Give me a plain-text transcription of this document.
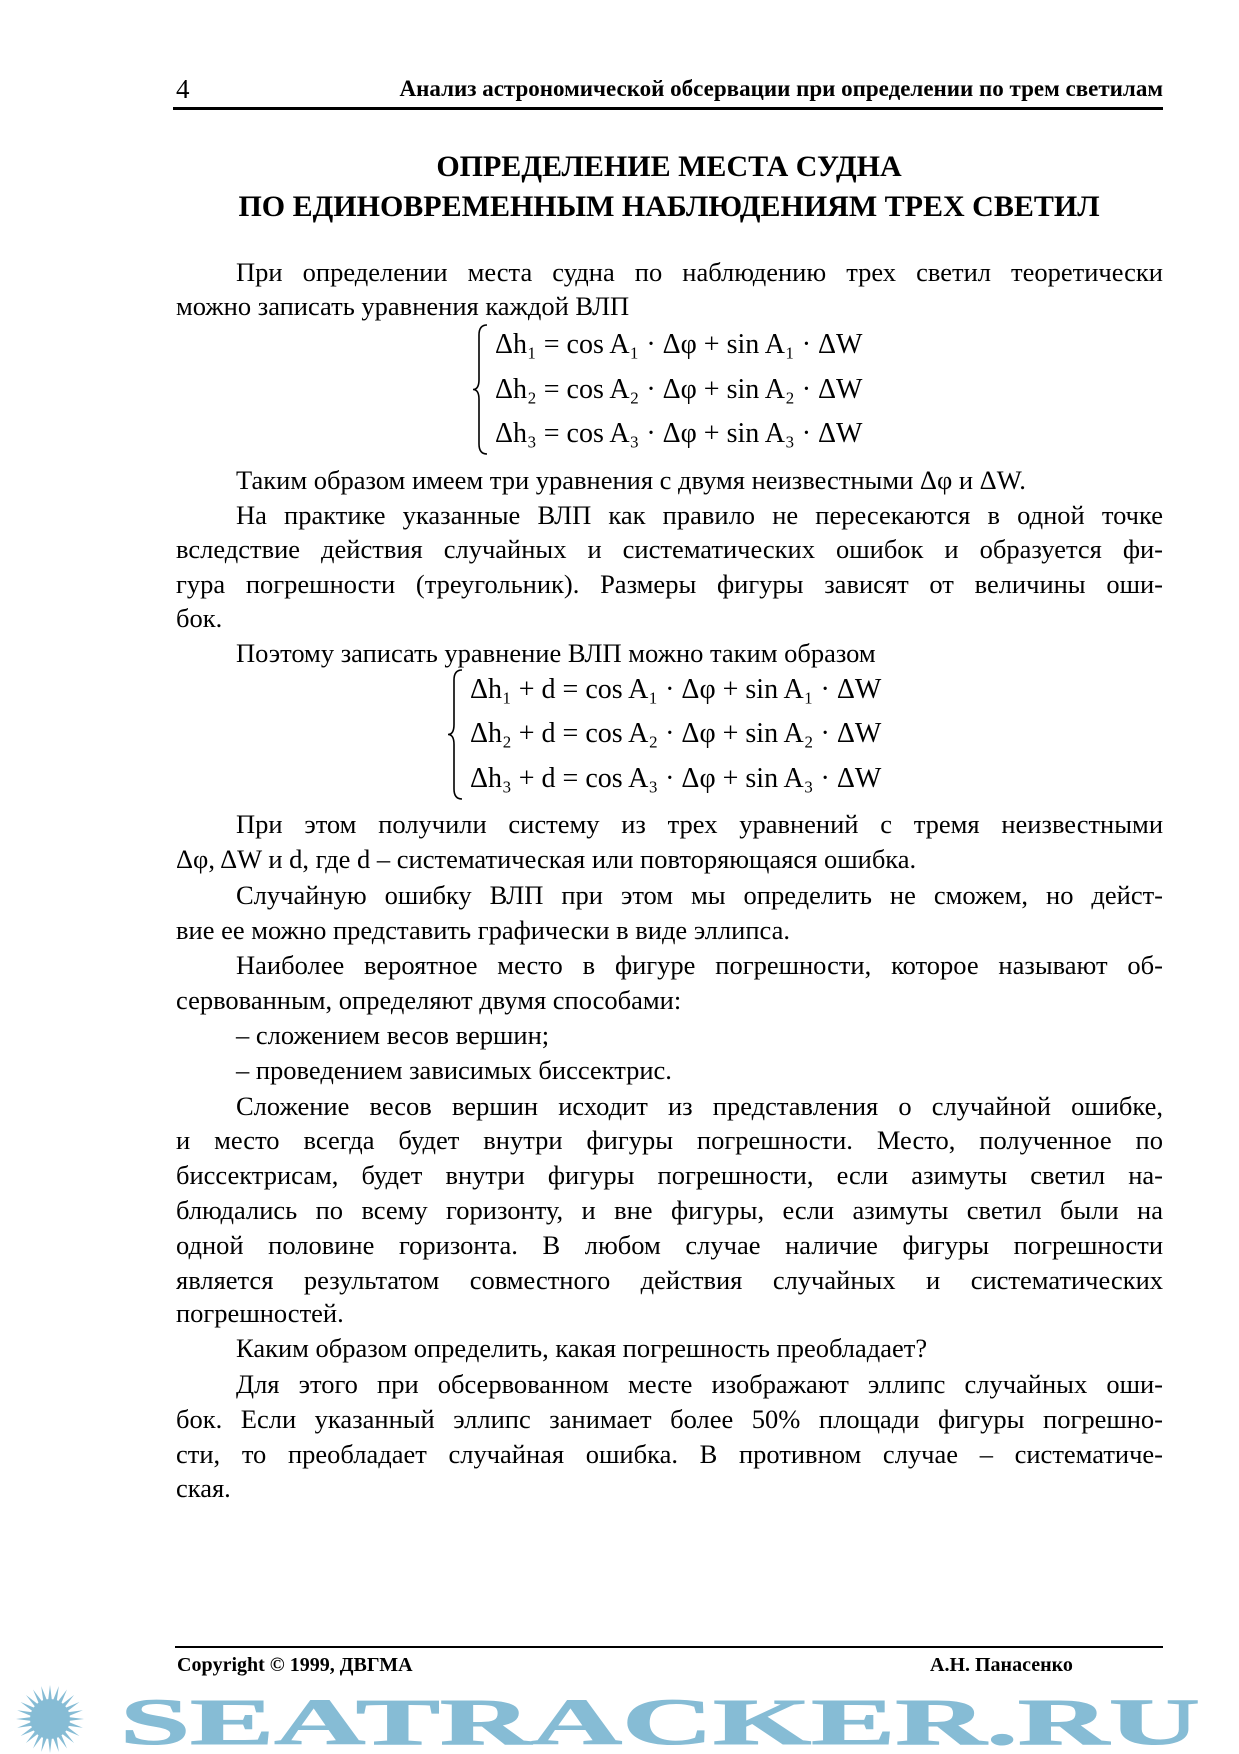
4	Анализ астрономической обсервации при определении по трем светилам
ОПРЕДЕЛЕНИЕ МЕСТА СУДНА
ПО ЕДИНОВРЕМЕННЫМ НАБЛЮДЕНИЯМ ТРЕХ СВЕТИЛ
При определении места судна по наблюдению трех светил теоретически
можно записать уравнения каждой ВЛП
Δh₁ = cos A₁ · Δφ + sin A₁ · ΔW
Δh₂ = cos A₂ · Δφ + sin A₂ · ΔW
Δh₃ = cos A₃ · Δφ + sin A₃ · ΔW
Таким образом имеем три уравнения с двумя неизвестными Δφ и ΔW.
На практике указанные ВЛП как правило не пересекаются в одной точке
вследствие действия случайных и систематических ошибок и образуется фи-
гура погрешности (треугольник). Размеры фигуры зависят от величины оши-
бок.
Поэтому записать уравнение ВЛП можно таким образом
Δh₁ + d = cos A₁ · Δφ + sin A₁ · ΔW
Δh₂ + d = cos A₂ · Δφ + sin A₂ · ΔW
Δh₃ + d = cos A₃ · Δφ + sin A₃ · ΔW
При этом получили систему из трех уравнений с тремя неизвестными
Δφ, ΔW и d, где d – систематическая или повторяющаяся ошибка.
Случайную ошибку ВЛП при этом мы определить не сможем, но дейст-
вие ее можно представить графически в виде эллипса.
Наиболее вероятное место в фигуре погрешности, которое называют об-
сервованным, определяют двумя способами:
– сложением весов вершин;
– проведением зависимых биссектрис.
Сложение весов вершин исходит из представления о случайной ошибке,
и место всегда будет внутри фигуры погрешности. Место, полученное по
биссектрисам, будет внутри фигуры погрешности, если азимуты светил на-
блюдались по всему горизонту, и вне фигуры, если азимуты светил были на
одной половине горизонта. В любом случае наличие фигуры погрешности
является результатом совместного действия случайных и систематических
погрешностей.
Каким образом определить, какая погрешность преобладает?
Для этого при обсервованном месте изображают эллипс случайных оши-
бок. Если указанный эллипс занимает более 50% площади фигуры погрешно-
сти, то преобладает случайная ошибка. В противном случае – систематиче-
ская.
Copyright © 1999, ДВГМА	А.Н. Панасенко
SEATRACKER.RU
